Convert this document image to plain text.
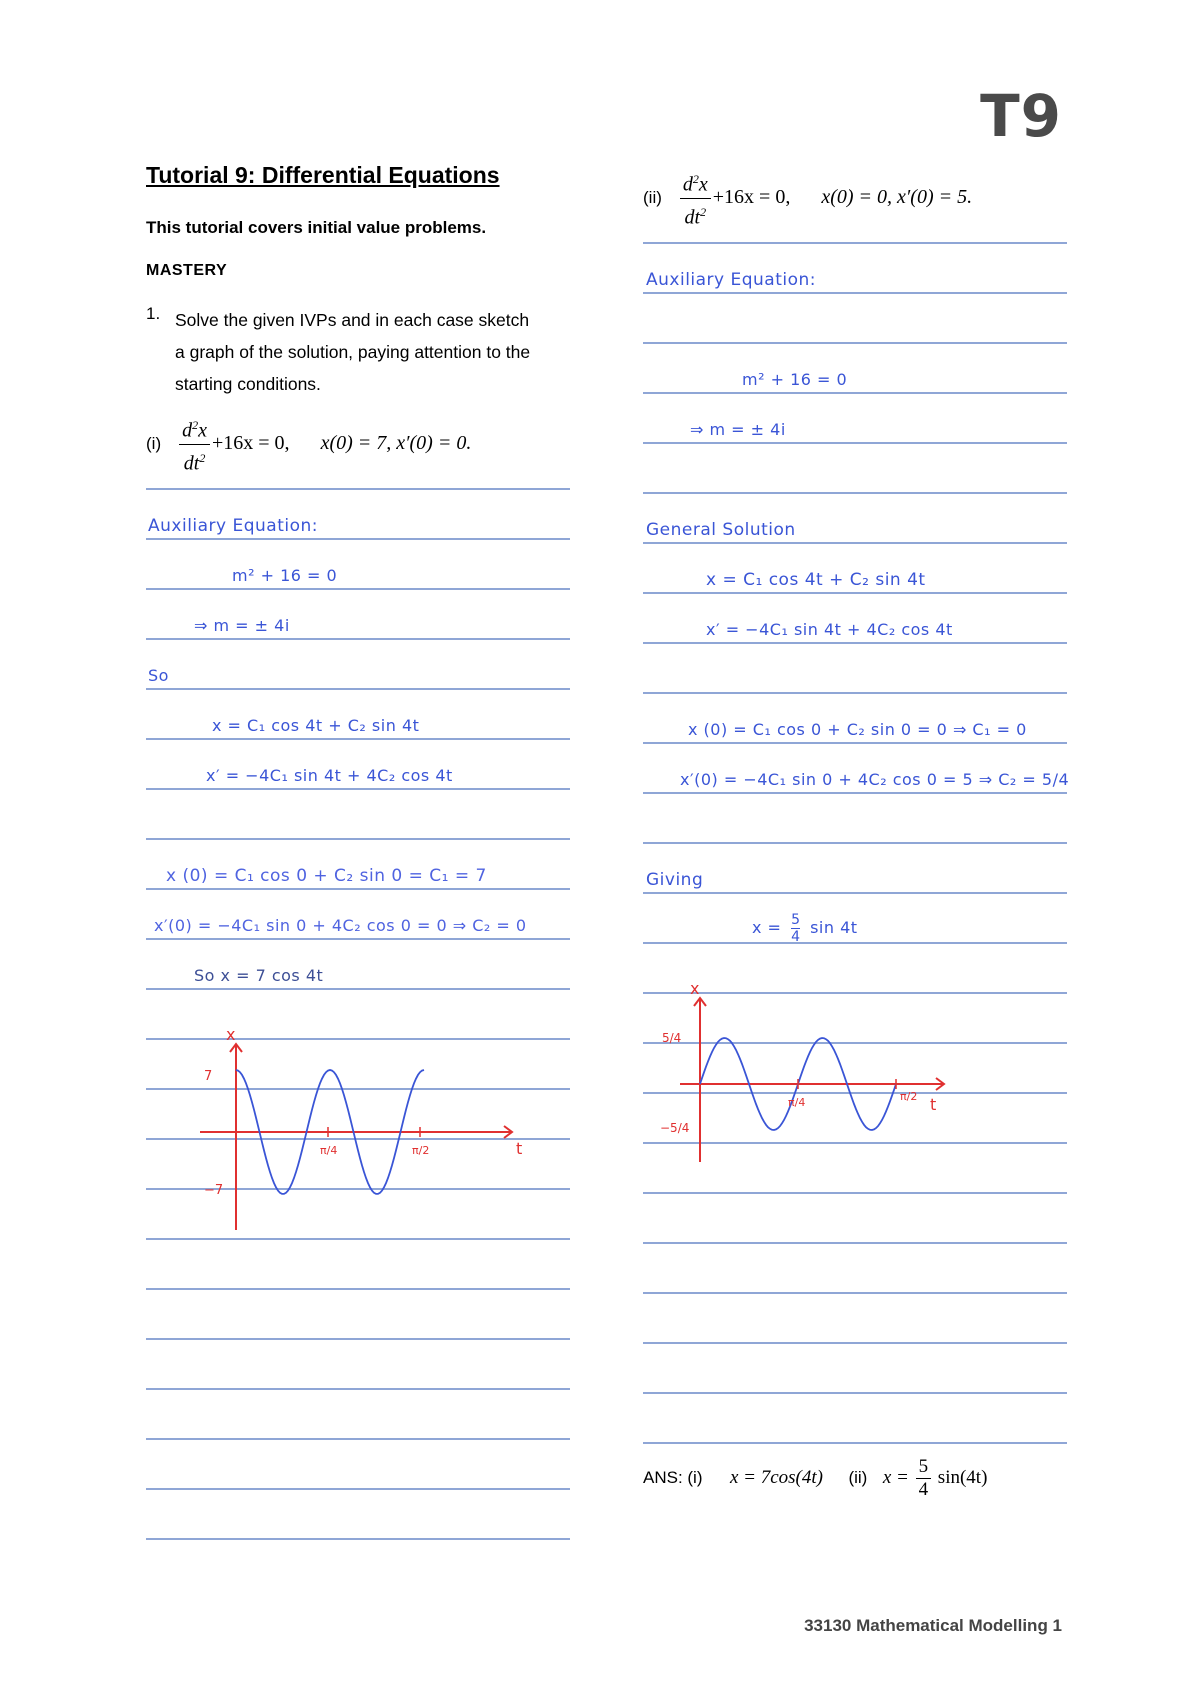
T9
Tutorial 9: Differential Equations
This tutorial covers initial value problems.
MASTERY
1. Solve the given IVPs and in each case sketch a graph of the solution, paying attention to the starting conditions.
$(i) \frac{d^2x}{dt^2} +16x = 0$, x(0) = 7, x′(0) = 0.
$(ii) \frac{d^2x}{dt^2} +16x = 0$, x(0) = 0, x′(0) = 5.
Auxiliary Equation:
m² + 16 = 0
⇒ m = ± 4i
So
x = C₁ cos 4t + C₂ sin 4t
x′ = −4C₁ sin 4t + 4C₂ cos 4t
x (0) = C₁ cos 0 + C₂ sin 0 = C₁ = 7
x′(0) = −4C₁ sin 0 + 4C₂ cos 0 = 0 ⇒ C₂ = 0
So x = 7 cos 4t
t
x
7
−7
π/4	π/2
Auxiliary Equation:
m² + 16 = 0
⇒ m = ± 4i
General Solution
x = C₁ cos 4t + C₂ sin 4t
x′ = −4C₁ sin 4t + 4C₂ cos 4t
x (0) = C₁ cos 0 + C₂ sin 0 = 0 ⇒ C₁ = 0
x′(0) = −4C₁ sin 0 + 4C₂ cos 0 = 5 ⇒ C₂ = 5/4
Giving
$x = \frac{5}{4}$ sin 4t
t
x
5/4
−5/4
π/4	π/2
ANS: (i) x = 7cos(4t) (ii) $x = \frac{5}{4} \sin(4t)$
33130 Mathematical Modelling 1
